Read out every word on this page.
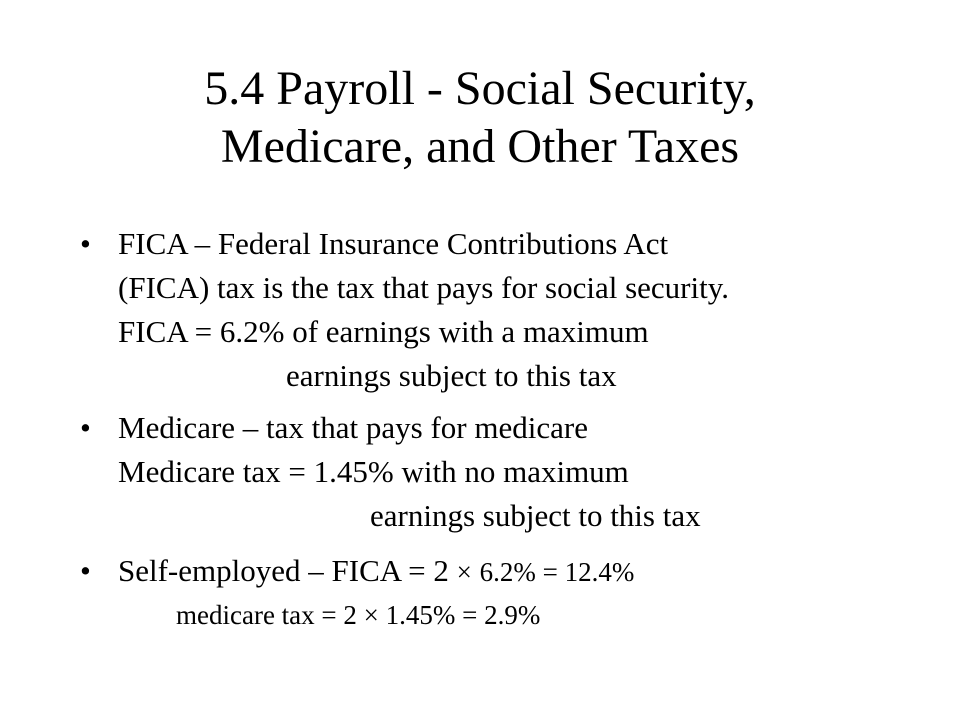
5.4 Payroll - Social Security,
Medicare, and Other Taxes
• FICA – Federal Insurance Contributions Act
(FICA) tax is the tax that pays for social security.
FICA = 6.2% of earnings with a maximum
earnings subject to this tax
• Medicare – tax that pays for medicare
Medicare tax = 1.45% with no maximum
earnings subject to this tax
• Self-employed – FICA = 2 × 6.2% = 12.4%
medicare tax = 2 × 1.45% = 2.9%
